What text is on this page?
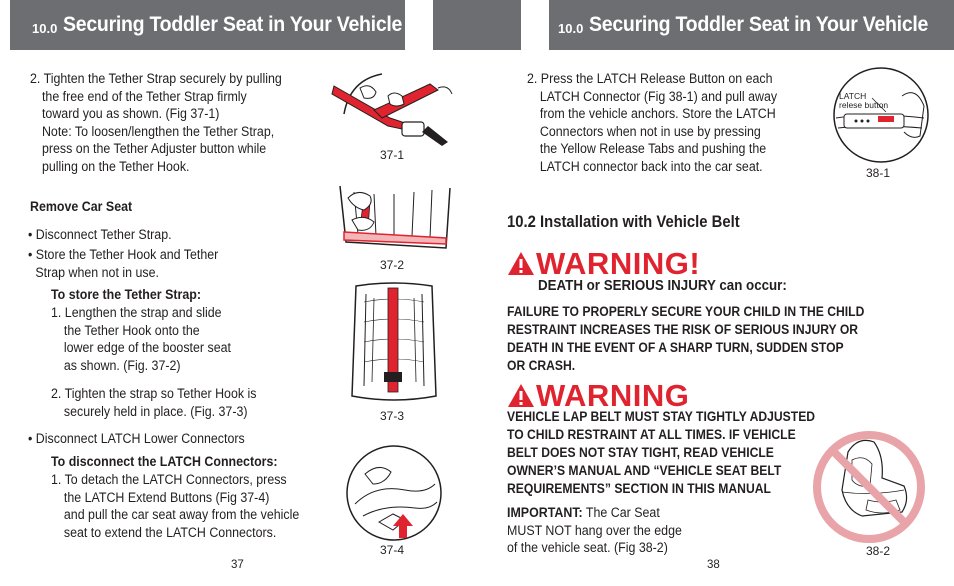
10.0 Securing Toddler Seat in Your Vehicle
2. Tighten the Tether Strap securely by pulling
the free end of the Tether Strap firmly
toward you as shown. (Fig 37-1)
Note: To loosen/lengthen the Tether Strap,
press on the Tether Adjuster button while
pulling on the Tether Hook.
Remove Car Seat
• Disconnect Tether Strap.
• Store the Tether Hook and Tether
Strap when not in use.
To store the Tether Strap:
1. Lengthen the strap and slide
the Tether Hook onto the
lower edge of the booster seat
as shown. (Fig. 37-2)
2. Tighten the strap so Tether Hook is
securely held in place. (Fig. 37-3)
• Disconnect LATCH Lower Connectors
To disconnect the LATCH Connectors:
1. To detach the LATCH Connectors, press
the LATCH Extend Buttons (Fig 37-4)
and pull the car seat away from the vehicle
seat to extend the LATCH Connectors.
37-1
37-2
37-3
37-4
37
10.0 Securing Toddler Seat in Your Vehicle
2. Press the LATCH Release Button on each
LATCH Connector (Fig 38-1) and pull away
from the vehicle anchors. Store the LATCH
Connectors when not in use by pressing
the Yellow Release Tabs and pushing the
LATCH connector back into the car seat.
LATCH
relese button
38-1
10.2 Installation with Vehicle Belt
WARNING!
DEATH or SERIOUS INJURY can occur:
FAILURE TO PROPERLY SECURE YOUR CHILD IN THE CHILD
RESTRAINT INCREASES THE RISK OF SERIOUS INJURY OR
DEATH IN THE EVENT OF A SHARP TURN, SUDDEN STOP
OR CRASH.
WARNING
VEHICLE LAP BELT MUST STAY TIGHTLY ADJUSTED
TO CHILD RESTRAINT AT ALL TIMES. IF VEHICLE
BELT DOES NOT STAY TIGHT, READ VEHICLE
OWNER’S MANUAL AND “VEHICLE SEAT BELT
REQUIREMENTS” SECTION IN THIS MANUAL
IMPORTANT: The Car Seat
MUST NOT hang over the edge
of the vehicle seat. (Fig 38-2)	38-2
38
